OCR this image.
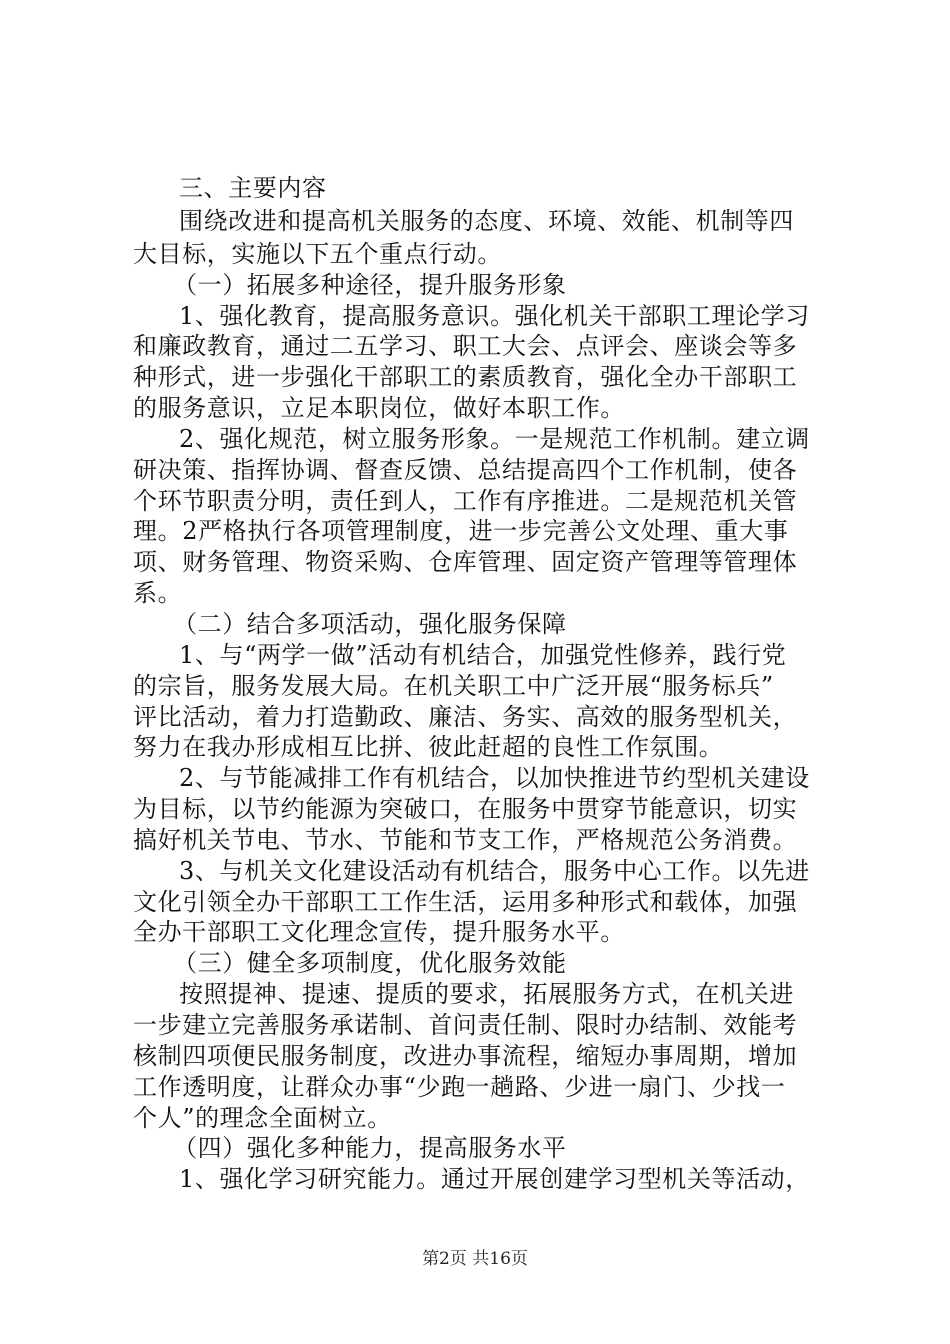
三、主要内容
围绕改进和提高机关服务的态度、环境、效能、机制等四
大目标，实施以下五个重点行动。
（一）拓展多种途径，提升服务形象
1、强化教育，提高服务意识。强化机关干部职工理论学习
和廉政教育，通过二五学习、职工大会、点评会、座谈会等多
种形式，进一步强化干部职工的素质教育，强化全办干部职工
的服务意识，立足本职岗位，做好本职工作。
2、强化规范，树立服务形象。一是规范工作机制。建立调
研决策、指挥协调、督查反馈、总结提高四个工作机制，使各
个环节职责分明，责任到人，工作有序推进。二是规范机关管
理。2严格执行各项管理制度，进一步完善公文处理、重大事
项、财务管理、物资采购、仓库管理、固定资产管理等管理体
系。
（二）结合多项活动，强化服务保障
1、与“两学一做”活动有机结合，加强党性修养，践行党
的宗旨，服务发展大局。在机关职工中广泛开展“服务标兵”
评比活动，着力打造勤政、廉洁、务实、高效的服务型机关，
努力在我办形成相互比拼、彼此赶超的良性工作氛围。
2、与节能减排工作有机结合，以加快推进节约型机关建设
为目标，以节约能源为突破口，在服务中贯穿节能意识，切实
搞好机关节电、节水、节能和节支工作，严格规范公务消费。
3、与机关文化建设活动有机结合，服务中心工作。以先进
文化引领全办干部职工工作生活，运用多种形式和载体，加强
全办干部职工文化理念宣传，提升服务水平。
（三）健全多项制度，优化服务效能
按照提神、提速、提质的要求，拓展服务方式，在机关进
一步建立完善服务承诺制、首问责任制、限时办结制、效能考
核制四项便民服务制度，改进办事流程，缩短办事周期，增加
工作透明度，让群众办事“少跑一趟路、少进一扇门、少找一
个人”的理念全面树立。
（四）强化多种能力，提高服务水平
1、强化学习研究能力。通过开展创建学习型机关等活动，
第2页 共16页
